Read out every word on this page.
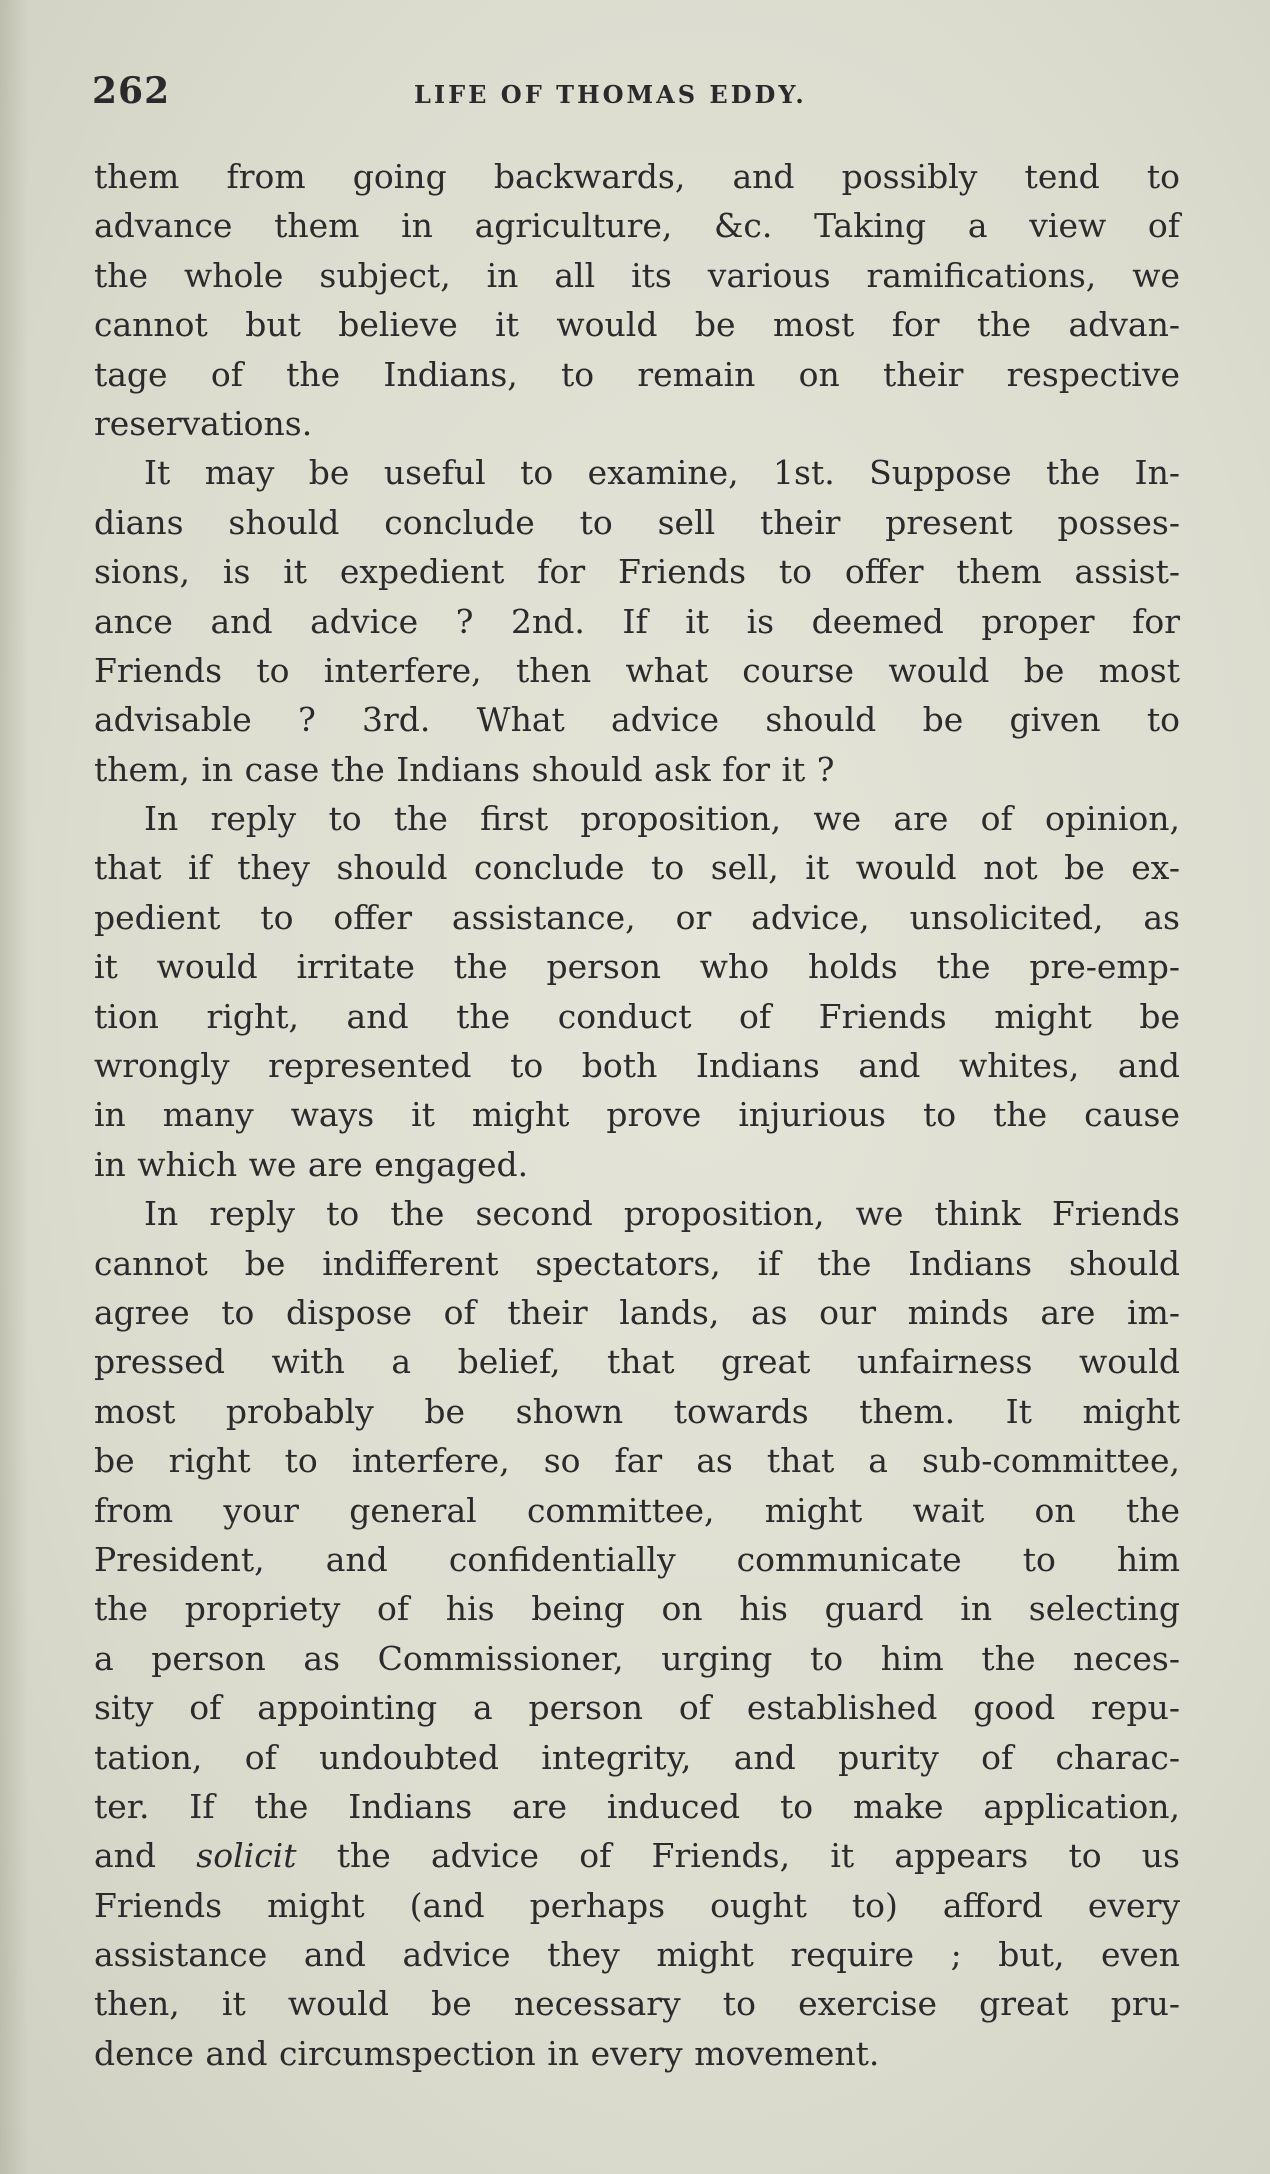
262	LIFE OF THOMAS EDDY.
them from going backwards, and possibly tend to
advance them in agriculture, &c. Taking a view of
the whole subject, in all its various ramifications, we
cannot but believe it would be most for the advan-
tage of the Indians, to remain on their respective
reservations.
It may be useful to examine, 1st. Suppose the In-
dians should conclude to sell their present posses-
sions, is it expedient for Friends to offer them assist-
ance and advice ? 2nd. If it is deemed proper for
Friends to interfere, then what course would be most
advisable ? 3rd. What advice should be given to
them, in case the Indians should ask for it ?
In reply to the first proposition, we are of opinion,
that if they should conclude to sell, it would not be ex-
pedient to offer assistance, or advice, unsolicited, as
it would irritate the person who holds the pre-emp-
tion right, and the conduct of Friends might be
wrongly represented to both Indians and whites, and
in many ways it might prove injurious to the cause
in which we are engaged.
In reply to the second proposition, we think Friends
cannot be indifferent spectators, if the Indians should
agree to dispose of their lands, as our minds are im-
pressed with a belief, that great unfairness would
most probably be shown towards them. It might
be right to interfere, so far as that a sub-committee,
from your general committee, might wait on the
President, and confidentially communicate to him
the propriety of his being on his guard in selecting
a person as Commissioner, urging to him the neces-
sity of appointing a person of established good repu-
tation, of undoubted integrity, and purity of charac-
ter. If the Indians are induced to make application,
and solicit the advice of Friends, it appears to us
Friends might (and perhaps ought to) afford every
assistance and advice they might require ; but, even
then, it would be necessary to exercise great pru-
dence and circumspection in every movement.
